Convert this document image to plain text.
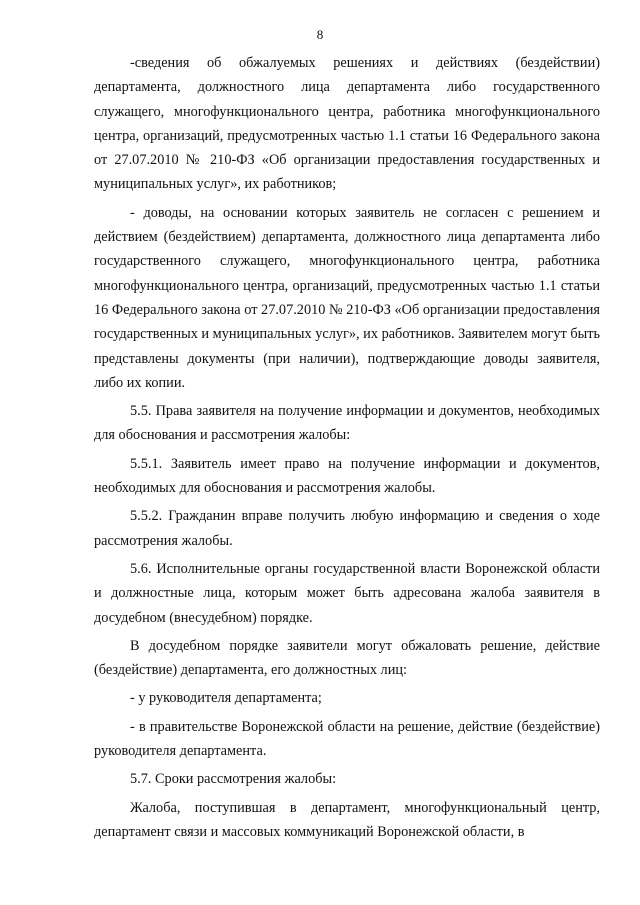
8

-сведения об обжалуемых решениях и действиях (бездействии) департамента, должностного лица департамента либо государственного служащего, многофункционального центра, работника многофункционального центра, организаций, предусмотренных частью 1.1 статьи 16 Федерального закона от 27.07.2010 № 210-ФЗ «Об организации предоставления государственных и муниципальных услуг», их работников;

- доводы, на основании которых заявитель не согласен с решением и действием (бездействием) департамента, должностного лица департамента либо государственного служащего, многофункционального центра, работника многофункционального центра, организаций, предусмотренных частью 1.1 статьи 16 Федерального закона от 27.07.2010 № 210-ФЗ «Об организации предоставления государственных и муниципальных услуг», их работников. Заявителем могут быть представлены документы (при наличии), подтверждающие доводы заявителя, либо их копии.

5.5. Права заявителя на получение информации и документов, необходимых для обоснования и рассмотрения жалобы:

5.5.1. Заявитель имеет право на получение информации и документов, необходимых для обоснования и рассмотрения жалобы.

5.5.2. Гражданин вправе получить любую информацию и сведения о ходе рассмотрения жалобы.

5.6. Исполнительные органы государственной власти Воронежской области и должностные лица, которым может быть адресована жалоба заявителя в досудебном (внесудебном) порядке.

В досудебном порядке заявители могут обжаловать решение, действие (бездействие) департамента, его должностных лиц:

- у руководителя департамента;

- в правительстве Воронежской области на решение, действие (бездействие) руководителя департамента.

5.7. Сроки рассмотрения жалобы:

Жалоба, поступившая в департамент, многофункциональный центр, департамент связи и массовых коммуникаций Воронежской области, в
